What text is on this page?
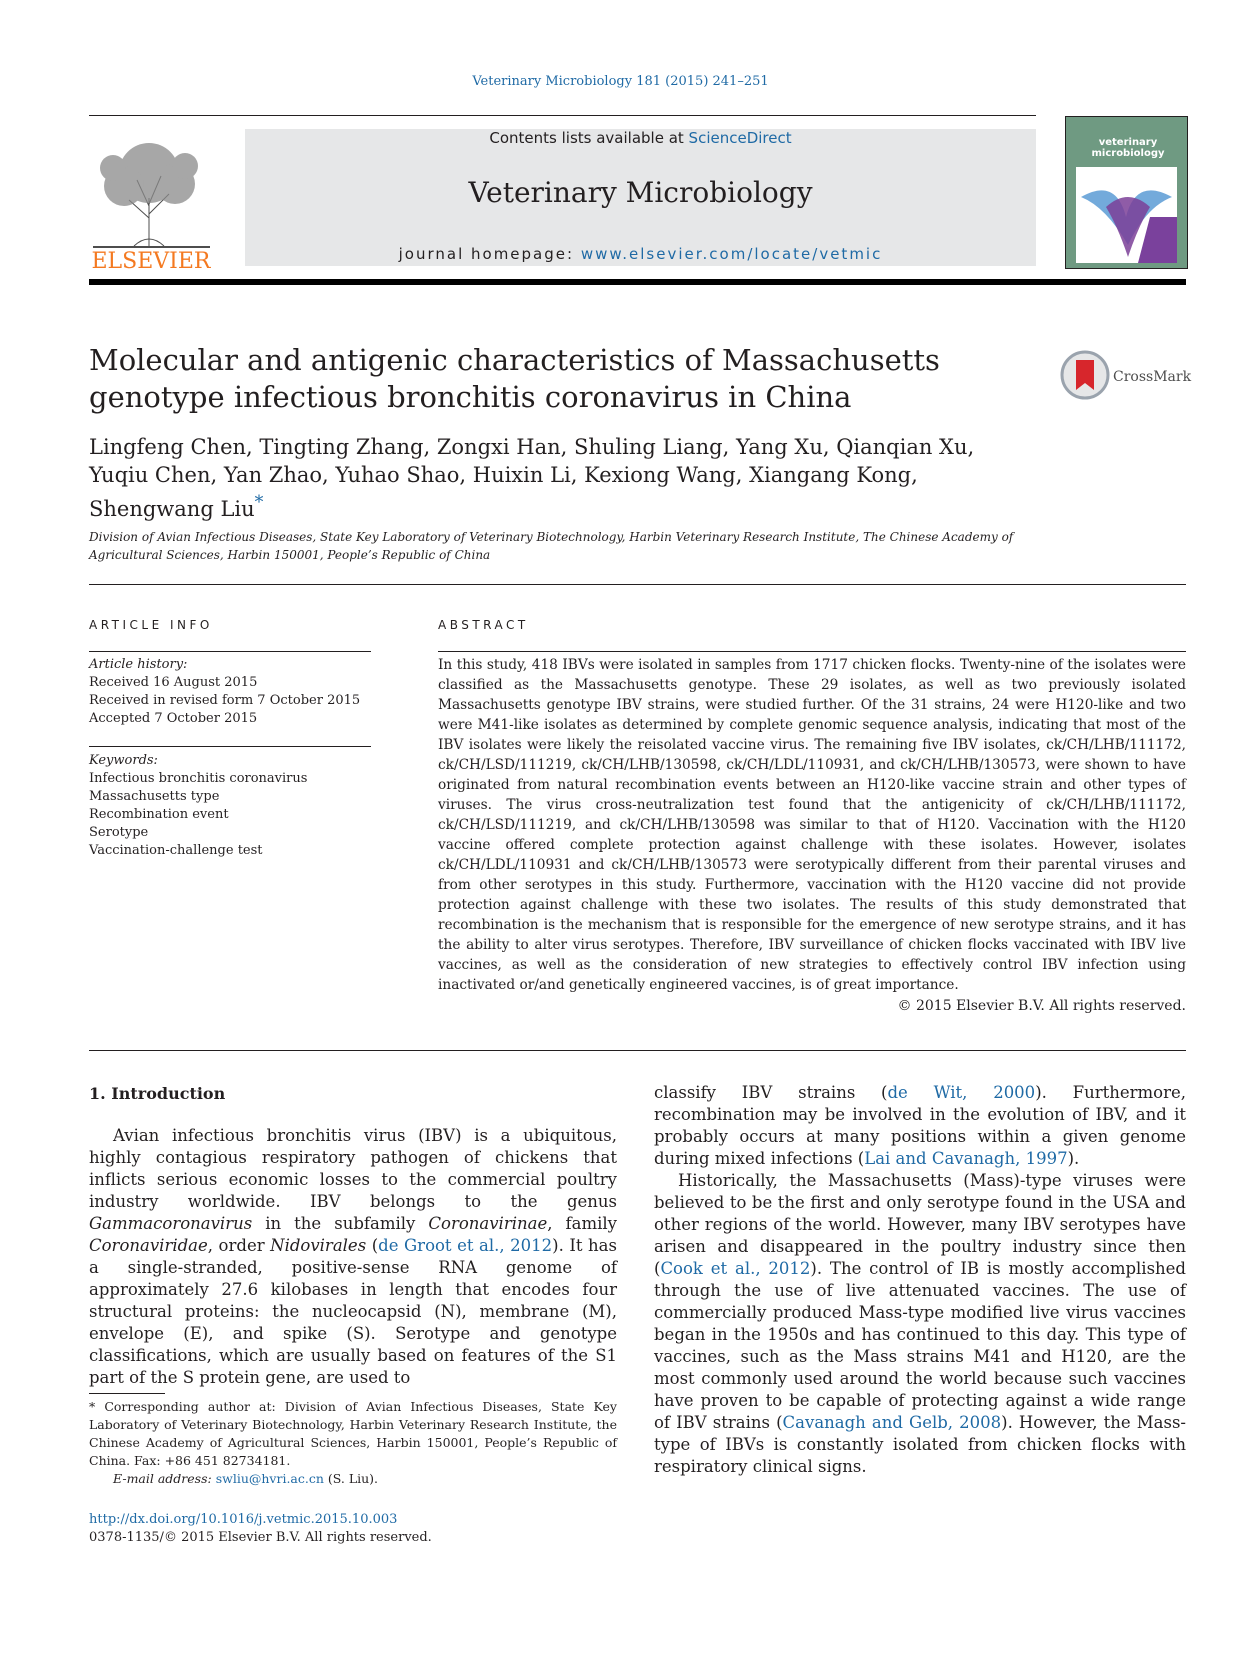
Veterinary Microbiology 181 (2015) 241–251
ELSEVIER
Contents lists available at ScienceDirect
Veterinary Microbiology
journal homepage: www.elsevier.com/locate/vetmic
veterinary
microbiology
Molecular and antigenic characteristics of Massachusetts genotype infectious bronchitis coronavirus in China
CrossMark
Lingfeng Chen, Tingting Zhang, Zongxi Han, Shuling Liang, Yang Xu, Qianqian Xu, Yuqiu Chen, Yan Zhao, Yuhao Shao, Huixin Li, Kexiong Wang, Xiangang Kong, Shengwang Liu*
Division of Avian Infectious Diseases, State Key Laboratory of Veterinary Biotechnology, Harbin Veterinary Research Institute, The Chinese Academy of Agricultural Sciences, Harbin 150001, People’s Republic of China
ARTICLE INFO	ABSTRACT
Article history:
Received 16 August 2015
Received in revised form 7 October 2015
Accepted 7 October 2015
Keywords:
Infectious bronchitis coronavirus
Massachusetts type
Recombination event
Serotype
Vaccination-challenge test
In this study, 418 IBVs were isolated in samples from 1717 chicken flocks. Twenty-nine of the isolates were classified as the Massachusetts genotype. These 29 isolates, as well as two previously isolated Massachusetts genotype IBV strains, were studied further. Of the 31 strains, 24 were H120-like and two were M41-like isolates as determined by complete genomic sequence analysis, indicating that most of the IBV isolates were likely the reisolated vaccine virus. The remaining five IBV isolates, ck/CH/LHB/111172, ck/CH/LSD/111219, ck/CH/LHB/130598, ck/CH/LDL/110931, and ck/CH/LHB/130573, were shown to have originated from natural recombination events between an H120-like vaccine strain and other types of viruses. The virus cross-neutralization test found that the antigenicity of ck/CH/LHB/111172, ck/CH/LSD/111219, and ck/CH/LHB/130598 was similar to that of H120. Vaccination with the H120 vaccine offered complete protection against challenge with these isolates. However, isolates ck/CH/LDL/110931 and ck/CH/LHB/130573 were serotypically different from their parental viruses and from other serotypes in this study. Furthermore, vaccination with the H120 vaccine did not provide protection against challenge with these two isolates. The results of this study demonstrated that recombination is the mechanism that is responsible for the emergence of new serotype strains, and it has the ability to alter virus serotypes. Therefore, IBV surveillance of chicken flocks vaccinated with IBV live vaccines, as well as the consideration of new strategies to effectively control IBV infection using inactivated or/and genetically engineered vaccines, is of great importance.
© 2015 Elsevier B.V. All rights reserved.
1. Introduction

Avian infectious bronchitis virus (IBV) is a ubiquitous, highly contagious respiratory pathogen of chickens that inflicts serious economic losses to the commercial poultry industry worldwide. IBV belongs to the genus Gammacoronavirus in the subfamily Coronavirinae, family Coronaviridae, order Nidovirales (de Groot et al., 2012). It has a single-stranded, positive-sense RNA genome of approximately 27.6 kilobases in length that encodes four structural proteins: the nucleocapsid (N), membrane (M), envelope (E), and spike (S). Serotype and genotype classifications, which are usually based on features of the S1 part of the S protein gene, are used to

classify IBV strains (de Wit, 2000). Furthermore, recombination may be involved in the evolution of IBV, and it probably occurs at many positions within a given genome during mixed infections (Lai and Cavanagh, 1997).

Historically, the Massachusetts (Mass)-type viruses were believed to be the first and only serotype found in the USA and other regions of the world. However, many IBV serotypes have arisen and disappeared in the poultry industry since then (Cook et al., 2012). The control of IB is mostly accomplished through the use of live attenuated vaccines. The use of commercially produced Mass-type modified live virus vaccines began in the 1950s and has continued to this day. This type of vaccines, such as the Mass strains M41 and H120, are the most commonly used around the world because such vaccines have proven to be capable of protecting against a wide range of IBV strains (Cavanagh and Gelb, 2008). However, the Mass-type of IBVs is constantly isolated from chicken flocks with respiratory clinical signs.

* Corresponding author at: Division of Avian Infectious Diseases, State Key Laboratory of Veterinary Biotechnology, Harbin Veterinary Research Institute, the Chinese Academy of Agricultural Sciences, Harbin 150001, People’s Republic of China. Fax: +86 451 82734181.
E-mail address: swliu@hvri.ac.cn (S. Liu).
http://dx.doi.org/10.1016/j.vetmic.2015.10.003
0378-1135/© 2015 Elsevier B.V. All rights reserved.
